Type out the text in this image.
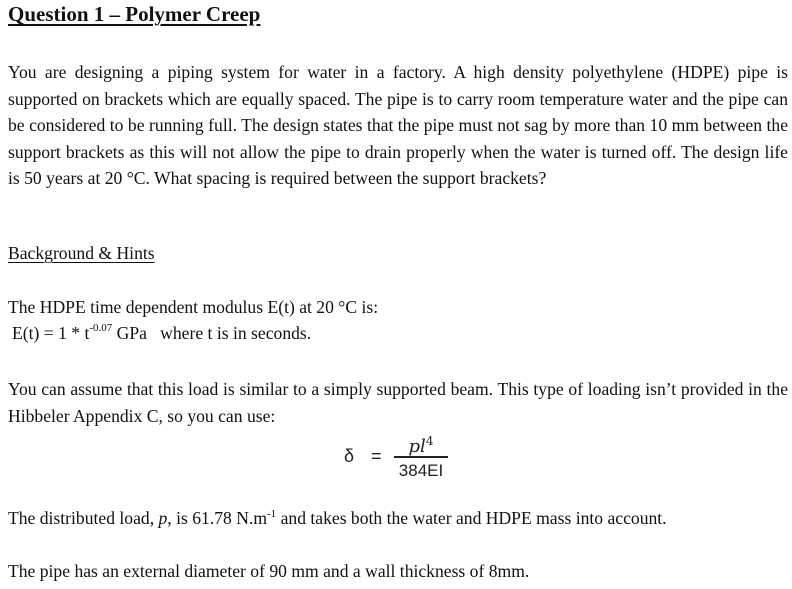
Question 1 – Polymer Creep
You are designing a piping system for water in a factory. A high density polyethylene (HDPE) pipe is supported on brackets which are equally spaced. The pipe is to carry room temperature water and the pipe can be considered to be running full. The design states that the pipe must not sag by more than 10 mm between the support brackets as this will not allow the pipe to drain properly when the water is turned off. The design life is 50 years at 20 °C. What spacing is required between the support brackets?
Background & Hints
The HDPE time dependent modulus E(t) at 20 °C is:
$E(t) = 1 * t^{-0.07}$ GPa   where t is in seconds.
You can assume that this load is similar to a simply supported beam. This type of loading isn’t provided in the Hibbeler Appendix C, so you can use:
δ =	$pl^4$
384EI
The distributed load, p, is 61.78 $N.m^{-1}$ and takes both the water and HDPE mass into account.
The pipe has an external diameter of 90 mm and a wall thickness of 8mm.
